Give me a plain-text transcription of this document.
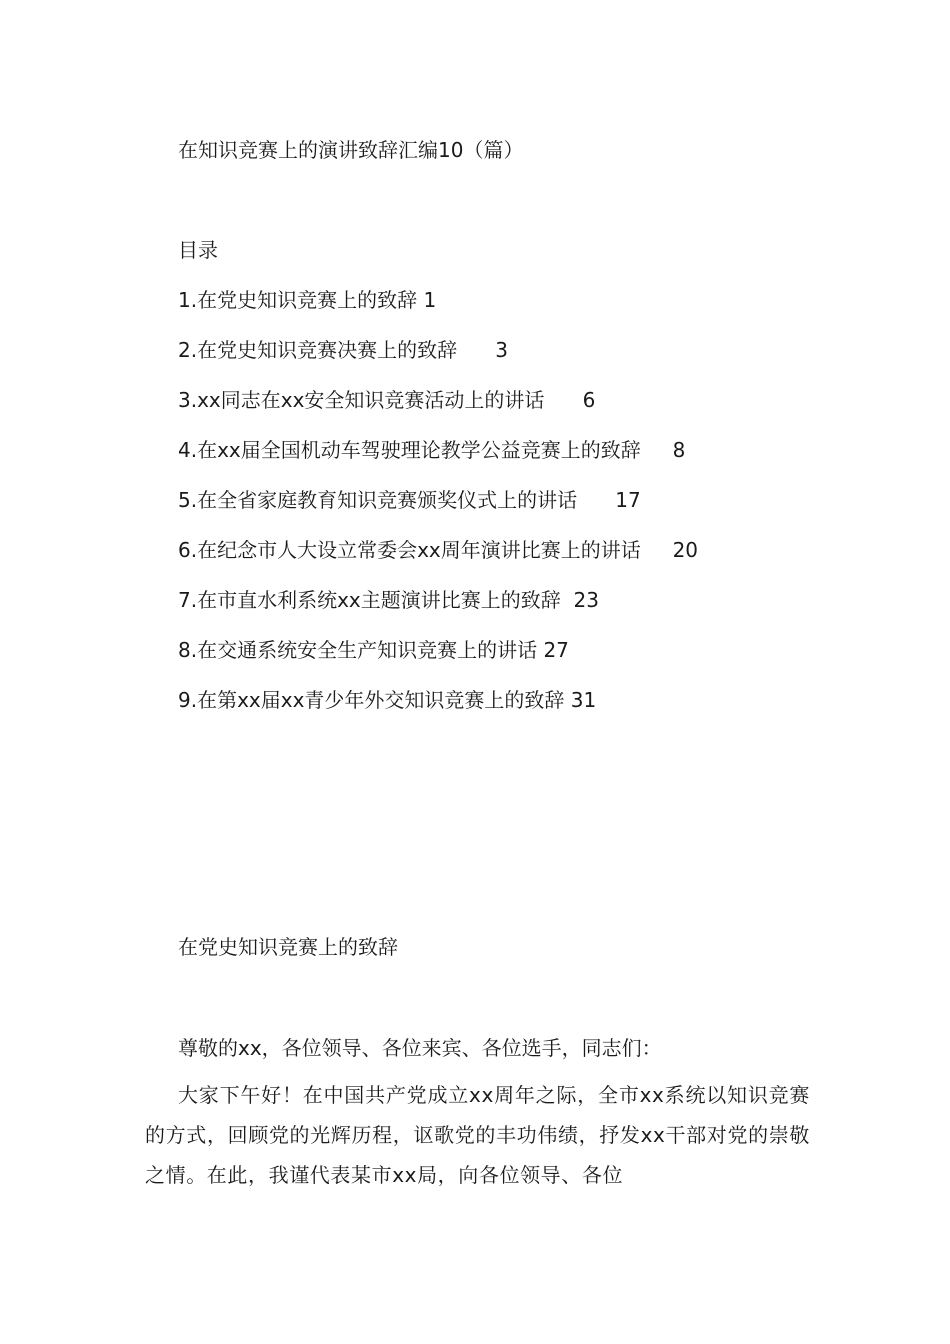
在知识竞赛上的演讲致辞汇编10（篇）
目录
1.在党史知识竞赛上的致辞 1
2.在党史知识竞赛决赛上的致辞 3
3.xx同志在xx安全知识竞赛活动上的讲话 6
4.在xx届全国机动车驾驶理论教学公益竞赛上的致辞 8
5.在全省家庭教育知识竞赛颁奖仪式上的讲话 17
6.在纪念市人大设立常委会xx周年演讲比赛上的讲话 20
7.在市直水利系统xx主题演讲比赛上的致辞 23
8.在交通系统安全生产知识竞赛上的讲话 27
9.在第xx届xx青少年外交知识竞赛上的致辞 31
在党史知识竞赛上的致辞
尊敬的xx，各位领导、各位来宾、各位选手，同志们：
大家下午好！在中国共产党成立xx周年之际，全市xx系统以知识竞赛的方式，回顾党的光辉历程，讴歌党的丰功伟绩，抒发xx干部对党的崇敬之情。在此，我谨代表某市xx局，向各位领导、各位
